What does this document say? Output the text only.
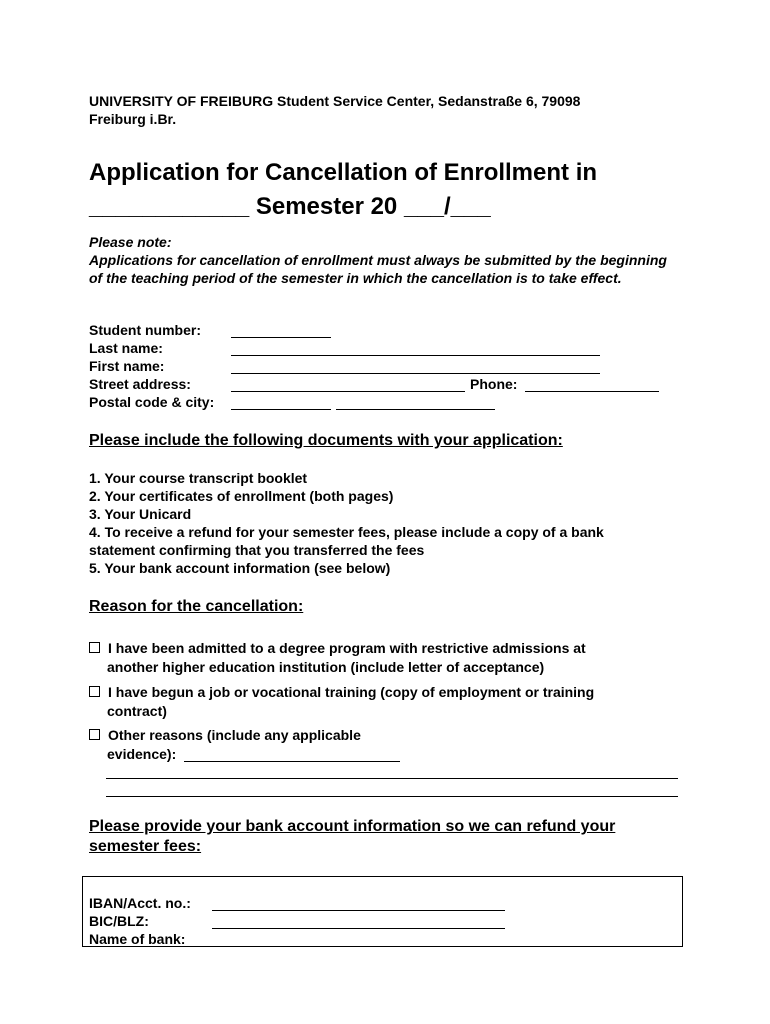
UNIVERSITY OF FREIBURG Student Service Center, Sedanstraße 6, 79098
Freiburg i.Br.
Application for Cancellation of Enrollment in
____________ Semester 20 ___/___
Please note:
Applications for cancellation of enrollment must always be submitted by the beginning of the teaching period of the semester in which the cancellation is to take effect.
Student number:
Last name:
First name:
Street address:	Phone:
Postal code & city:
Please include the following documents with your application:
1. Your course transcript booklet
2. Your certificates of enrollment (both pages)
3. Your Unicard
4. To receive a refund for your semester fees, please include a copy of a bank statement confirming that you transferred the fees
5. Your bank account information (see below)
Reason for the cancellation:
I have been admitted to a degree program with restrictive admissions at
another higher education institution (include letter of acceptance)
I have begun a job or vocational training (copy of employment or training
contract)
Other reasons (include any applicable
evidence):
Please provide your bank account information so we can refund your
semester fees:
IBAN/Acct. no.:
BIC/BLZ:
Name of bank:
